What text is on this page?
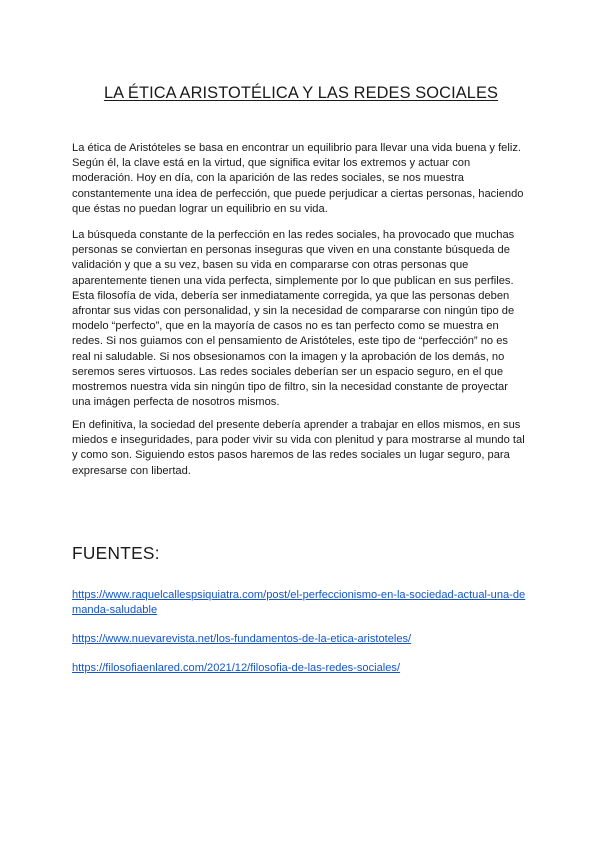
LA ÉTICA ARISTOTÉLICA Y LAS REDES SOCIALES

La ética de Aristóteles se basa en encontrar un equilibrio para llevar una vida buena y feliz. Según él, la clave está en la virtud, que significa evitar los extremos y actuar con moderación. Hoy en día, con la aparición de las redes sociales, se nos muestra constantemente una idea de perfección, que puede perjudicar a ciertas personas, haciendo que éstas no puedan lograr un equilibrio en su vida.

La búsqueda constante de la perfección en las redes sociales, ha provocado que muchas personas se conviertan en personas inseguras que viven en una constante búsqueda de validación y que a su vez, basen su vida en compararse con otras personas que aparentemente tienen una vida perfecta, simplemente por lo que publican en sus perfiles. Esta filosofía de vida, debería ser inmediatamente corregida, ya que las personas deben afrontar sus vidas con personalidad, y sin la necesidad de compararse con ningún tipo de modelo “perfecto”, que en la mayoría de casos no es tan perfecto como se muestra en redes. Si nos guiamos con el pensamiento de Aristóteles, este tipo de “perfección” no es real ni saludable. Si nos obsesionamos con la imagen y la aprobación de los demás, no seremos seres virtuosos. Las redes sociales deberían ser un espacio seguro, en el que mostremos nuestra vida sin ningún tipo de filtro, sin la necesidad constante de proyectar una imágen perfecta de nosotros mismos.

En definitiva, la sociedad del presente debería aprender a trabajar en ellos mismos, en sus miedos e inseguridades, para poder vivir su vida con plenitud y para mostrarse al mundo tal y como son. Siguiendo estos pasos haremos de las redes sociales un lugar seguro, para expresarse con libertad.

FUENTES:
https://www.raquelcallespsiquiatra.com/post/el-perfeccionismo-en-la-sociedad-actual-una-demanda-saludable
https://www.nuevarevista.net/los-fundamentos-de-la-etica-aristoteles/
https://filosofiaenlared.com/2021/12/filosofia-de-las-redes-sociales/
